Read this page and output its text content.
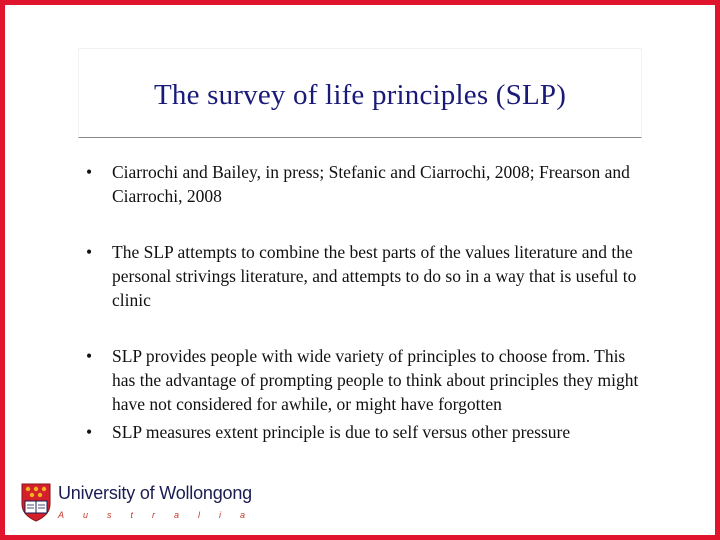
The survey of life principles (SLP)
• Ciarrochi and Bailey, in press; Stefanic and Ciarrochi, 2008; Frearson and Ciarrochi, 2008
• The SLP attempts to combine the best parts of the values literature and the personal strivings literature, and attempts to do so in a way that is useful to clinic
• SLP provides people with wide variety of principles to choose from. This has the advantage of prompting people to think about principles they might have not considered for awhile, or might have forgotten
• SLP measures extent principle is due to self versus other pressure
University of Wollongong
Australia
